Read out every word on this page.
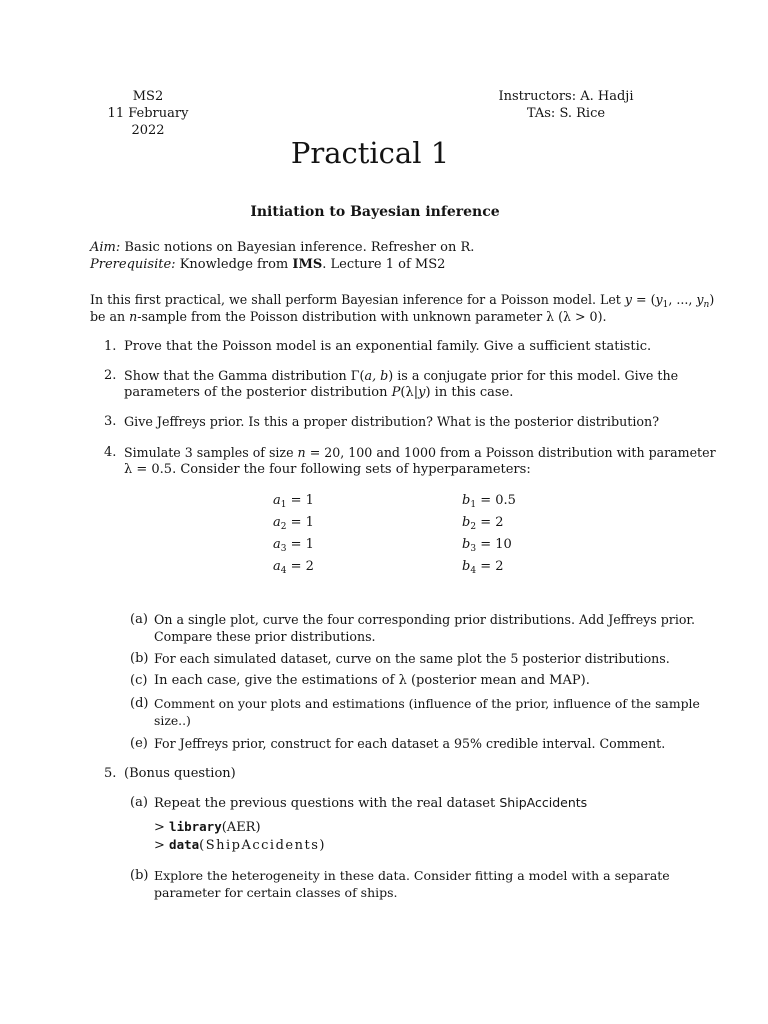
MS2
11 February 2022
Instructors: A. Hadji
TAs: S. Rice
Practical 1
Initiation to Bayesian inference
Aim: Basic notions on Bayesian inference. Refresher on R.
Prerequisite: Knowledge from IMS. Lecture 1 of MS2
In this first practical, we shall perform Bayesian inference for a Poisson model. Let $y = (y_1$, ..., $y_n$)
be an n-sample from the Poisson distribution with unknown parameter λ (λ > 0).
1. Prove that the Poisson model is an exponential family. Give a sufficient statistic.
2. Show that the Gamma distribution Γ(a, b) is a conjugate prior for this model. Give the
parameters of the posterior distribution P(λ|y) in this case.
3. Give Jeffreys prior. Is this a proper distribution? What is the posterior distribution?
4. Simulate 3 samples of size n = 20, 100 and 1000 from a Poisson distribution with parameter
λ = 0.5. Consider the four following sets of hyperparameters:
$a_1 = 1$
$a_2 = 1$
$a_3 = 1$
$a_4 = 2$
$b_1 = 0.5$
$b_2 = 2$
$b_3 = 10$
$b_4 = 2$
(a) On a single plot, curve the four corresponding prior distributions. Add Jeffreys prior.
Compare these prior distributions.
(b) For each simulated dataset, curve on the same plot the 5 posterior distributions.
(c) In each case, give the estimations of λ (posterior mean and MAP).
(d) Comment on your plots and estimations (influence of the prior, influence of the sample
size..)
(e) For Jeffreys prior, construct for each dataset a 95% credible interval. Comment.
5. (Bonus question)
(a) Repeat the previous questions with the real dataset ShipAccidents
> library(AER)
> data(ShipAccidents)
(b) Explore the heterogeneity in these data. Consider fitting a model with a separate
parameter for certain classes of ships.
